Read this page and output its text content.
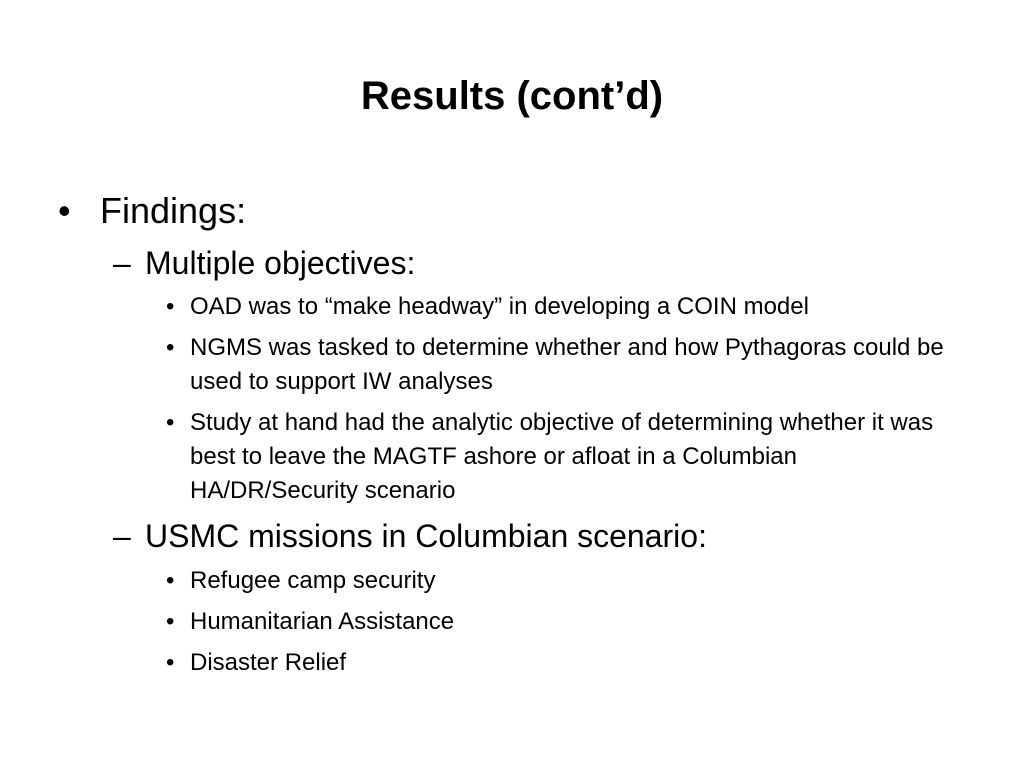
Results (cont’d)
• Findings:
– Multiple objectives:
• OAD was to “make headway” in developing a COIN model
• NGMS was tasked to determine whether and how Pythagoras could be used to support IW analyses
• Study at hand had the analytic objective of determining whether it was best to leave the MAGTF ashore or afloat in a Columbian HA/DR/Security scenario
– USMC missions in Columbian scenario:
• Refugee camp security
• Humanitarian Assistance
• Disaster Relief
